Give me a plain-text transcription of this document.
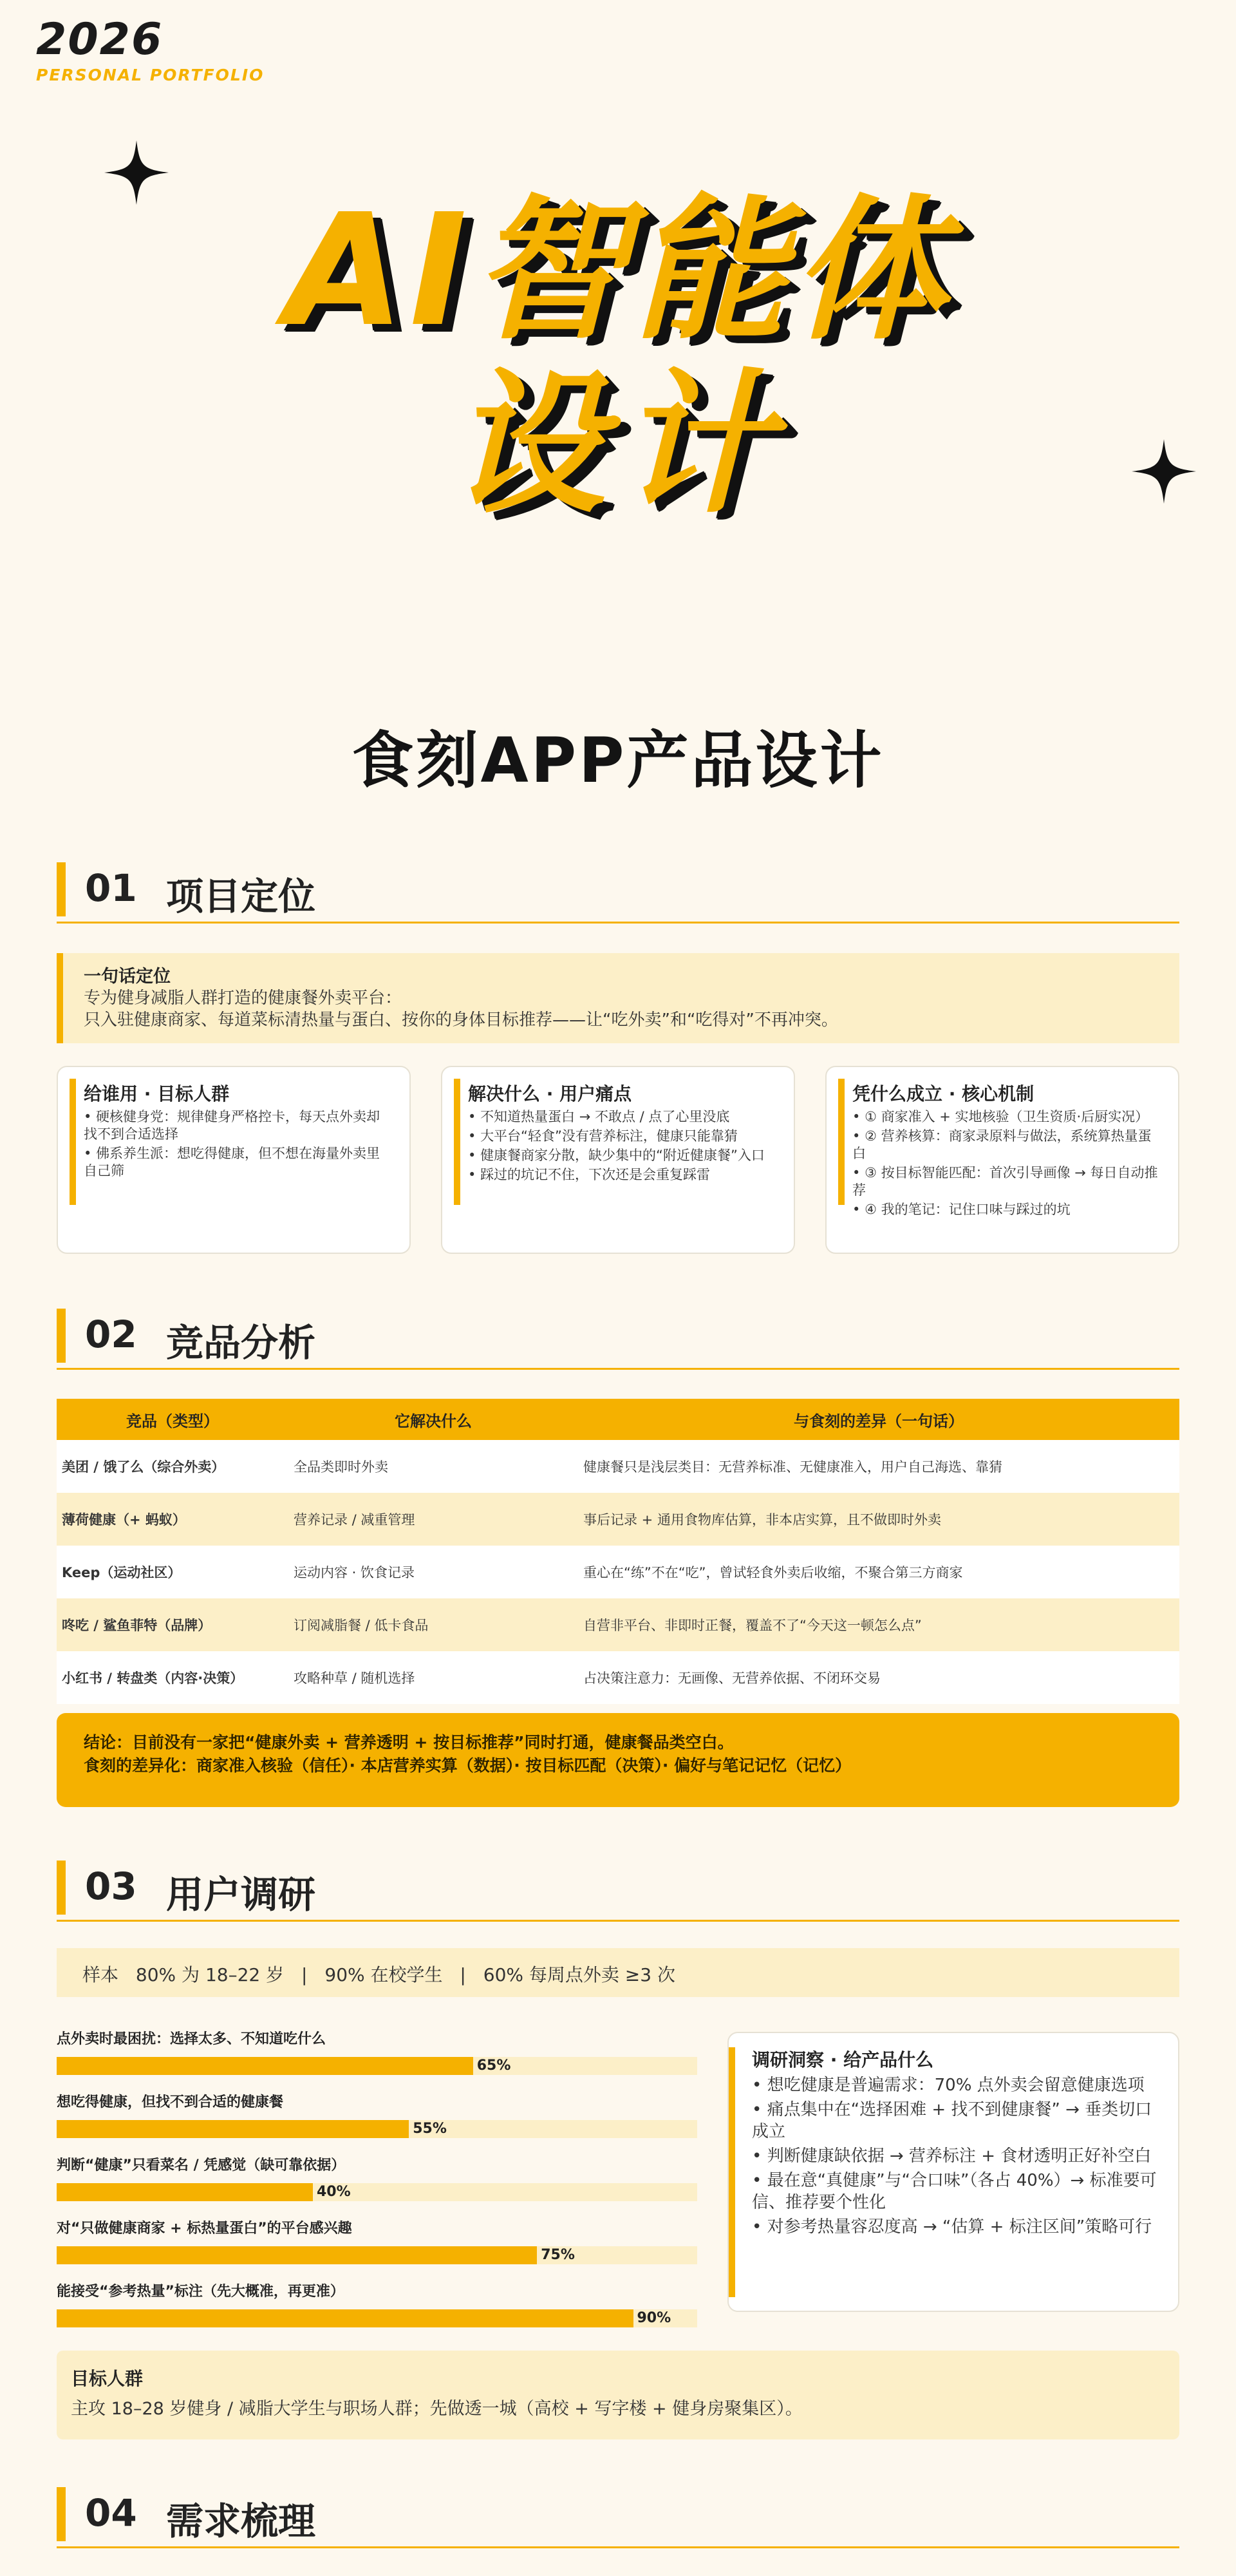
2026
PERSONAL PORTFOLIO
AI智能体
设计
食刻APP产品设计
01 项目定位
一句话定位
专为健身减脂人群打造的健康餐外卖平台：
只入驻健康商家、每道菜标清热量与蛋白、按你的身体目标推荐——让“吃外卖”和“吃得对”不再冲突。
给谁用 · 目标人群
• 硬核健身党：规律健身严格控卡，每天点外卖却找不到合适选择
• 佛系养生派：想吃得健康，但不想在海量外卖里自己筛
解决什么 · 用户痛点
• 不知道热量蛋白 → 不敢点 / 点了心里没底
• 大平台“轻食”没有营养标注，健康只能靠猜
• 健康餐商家分散，缺少集中的“附近健康餐”入口
• 踩过的坑记不住，下次还是会重复踩雷
凭什么成立 · 核心机制
• ① 商家准入 + 实地核验（卫生资质·后厨实况）
• ② 营养核算：商家录原料与做法，系统算热量蛋白
• ③ 按目标智能匹配：首次引导画像 → 每日自动推荐
• ④ 我的笔记：记住口味与踩过的坑
02 竞品分析
竞品（类型）	它解决什么	与食刻的差异（一句话）
美团 / 饿了么（综合外卖）	全品类即时外卖	健康餐只是浅层类目：无营养标准、无健康准入，用户自己海选、靠猜
薄荷健康（+ 蚂蚁）	营养记录 / 减重管理	事后记录 + 通用食物库估算，非本店实算，且不做即时外卖
Keep（运动社区）	运动内容 · 饮食记录	重心在“练”不在“吃”，曾试轻食外卖后收缩，不聚合第三方商家
咚吃 / 鲨鱼菲特（品牌）	订阅减脂餐 / 低卡食品	自营非平台、非即时正餐，覆盖不了“今天这一顿怎么点”
小红书 / 转盘类（内容·决策）	攻略种草 / 随机选择	占决策注意力：无画像、无营养依据、不闭环交易
结论：目前没有一家把“健康外卖 + 营养透明 + 按目标推荐”同时打通，健康餐品类空白。
食刻的差异化：商家准入核验（信任）· 本店营养实算（数据）· 按目标匹配（决策）· 偏好与笔记记忆（记忆）
03 用户调研
样本 80% 为 18–22 岁 | 90% 在校学生 | 60% 每周点外卖 ≥3 次
点外卖时最困扰：选择太多、不知道吃什么
65%
想吃得健康，但找不到合适的健康餐
55%
判断“健康”只看菜名 / 凭感觉（缺可靠依据）
40%
对“只做健康商家 + 标热量蛋白”的平台感兴趣
75%
能接受“参考热量”标注（先大概准，再更准）
90%
调研洞察 · 给产品什么
• 想吃健康是普遍需求：70% 点外卖会留意健康选项
• 痛点集中在“选择困难 + 找不到健康餐” → 垂类切口成立
• 判断健康缺依据 → 营养标注 + 食材透明正好补空白
• 最在意“真健康”与“合口味”（各占 40%）→ 标准要可信、推荐要个性化
• 对参考热量容忍度高 → “估算 + 标注区间”策略可行
目标人群
主攻 18–28 岁健身 / 减脂大学生与职场人群；先做透一城（高校 + 写字楼 + 健身房聚集区）。
04 需求梳理
